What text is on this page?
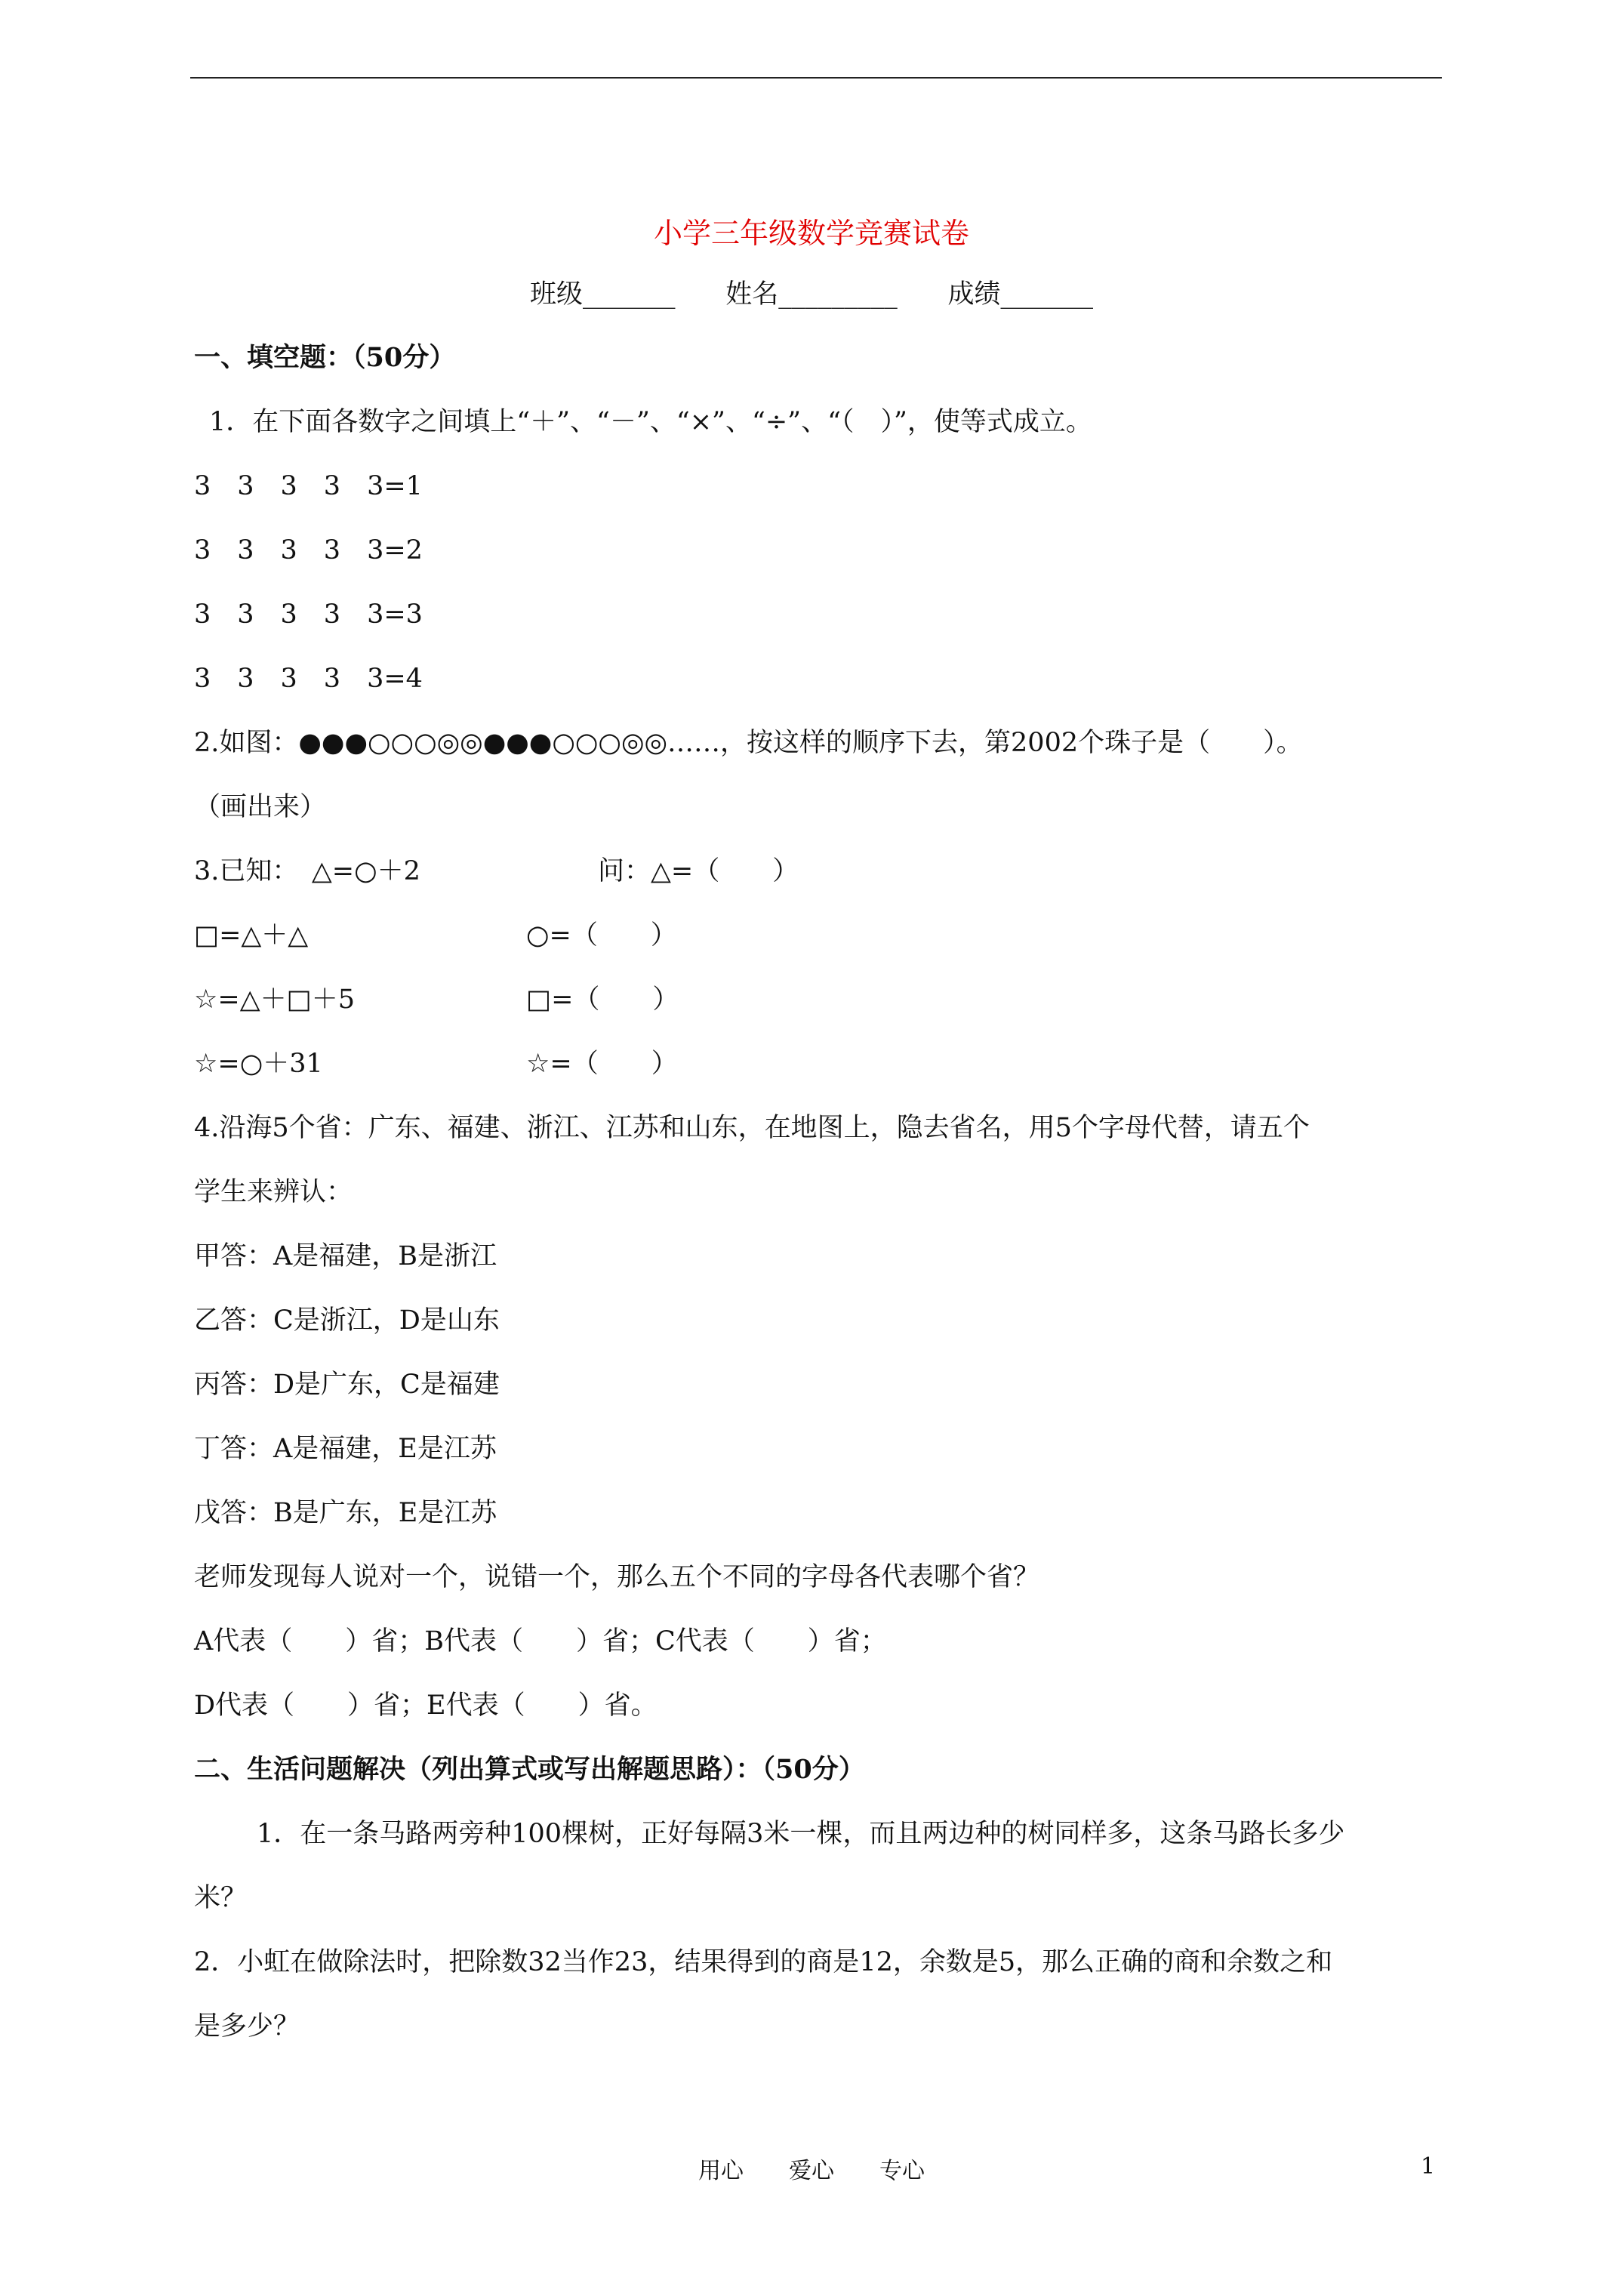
小学三年级数学竞赛试卷
班级_______ 姓名_________ 成绩_______
一、填空题：（50分）
1．在下面各数字之间填上“＋”、“－”、“×”、“÷”、“（　）”，使等式成立。
3　3　3　3　3=1
3　3　3　3　3=2
3　3　3　3　3=3
3　3　3　3　3=4
2.如图：●●●○○○◎◎●●●○○○◎◎……，按这样的顺序下去，第2002个珠子是（　　）。
（画出来）
3.已知：　△=○＋2	问：△=（　　）
□=△＋△	○=（　　）
☆=△＋□＋5	□=（　　）
☆=○＋31	☆=（　　）
4.沿海5个省：广东、福建、浙江、江苏和山东，在地图上，隐去省名，用5个字母代替，请五个
学生来辨认：
甲答：A是福建，B是浙江
乙答：C是浙江，D是山东
丙答：D是广东，C是福建
丁答：A是福建，E是江苏
戊答：B是广东，E是江苏
老师发现每人说对一个，说错一个，那么五个不同的字母各代表哪个省？
A代表（　　）省；B代表（　　）省；C代表（　　）省；
D代表（　　）省；E代表（　　）省。
二、生活问题解决（列出算式或写出解题思路）：（50分）
1．在一条马路两旁种100棵树，正好每隔3米一棵，而且两边种的树同样多，这条马路长多少
米？
2．小虹在做除法时，把除数32当作23，结果得到的商是12，余数是5，那么正确的商和余数之和
是多少？
用心　　爱心　　专心	1
